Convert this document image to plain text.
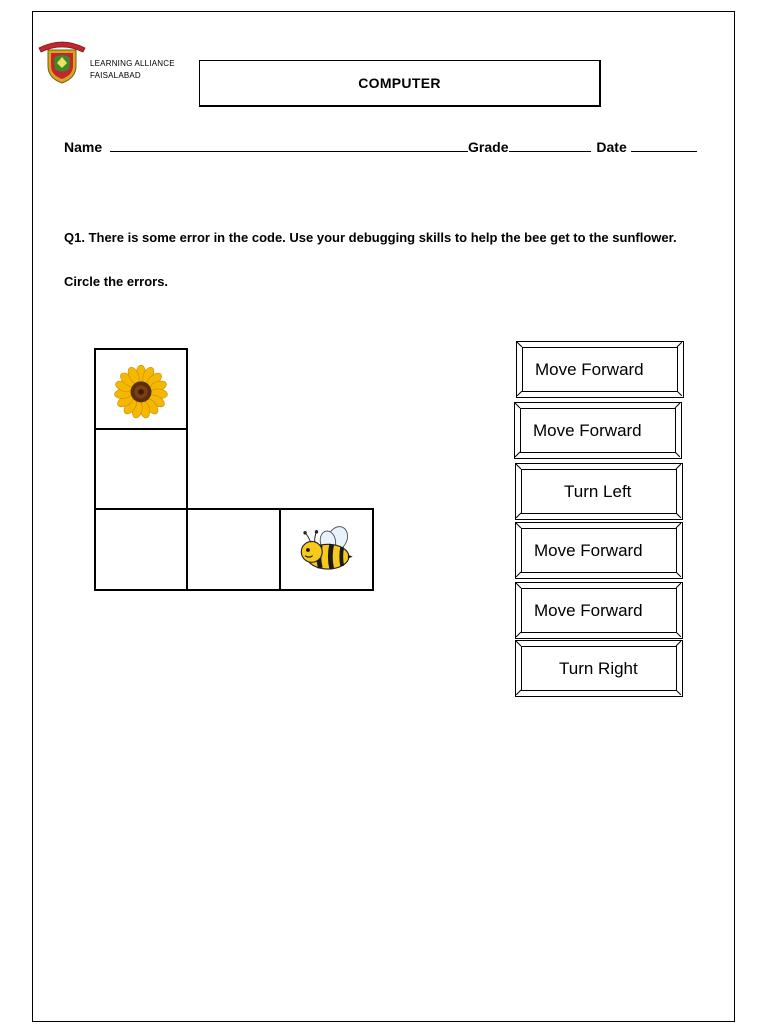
LEARNING ALLIANCE
FAISALABAD	COMPUTER
Name	Grade	Date
Q1. There is some error in the code. Use your debugging skills to help the bee get to the sunflower.
Circle the errors.
Move Forward
Move Forward
Turn Left
Move Forward
Move Forward
Turn Right
